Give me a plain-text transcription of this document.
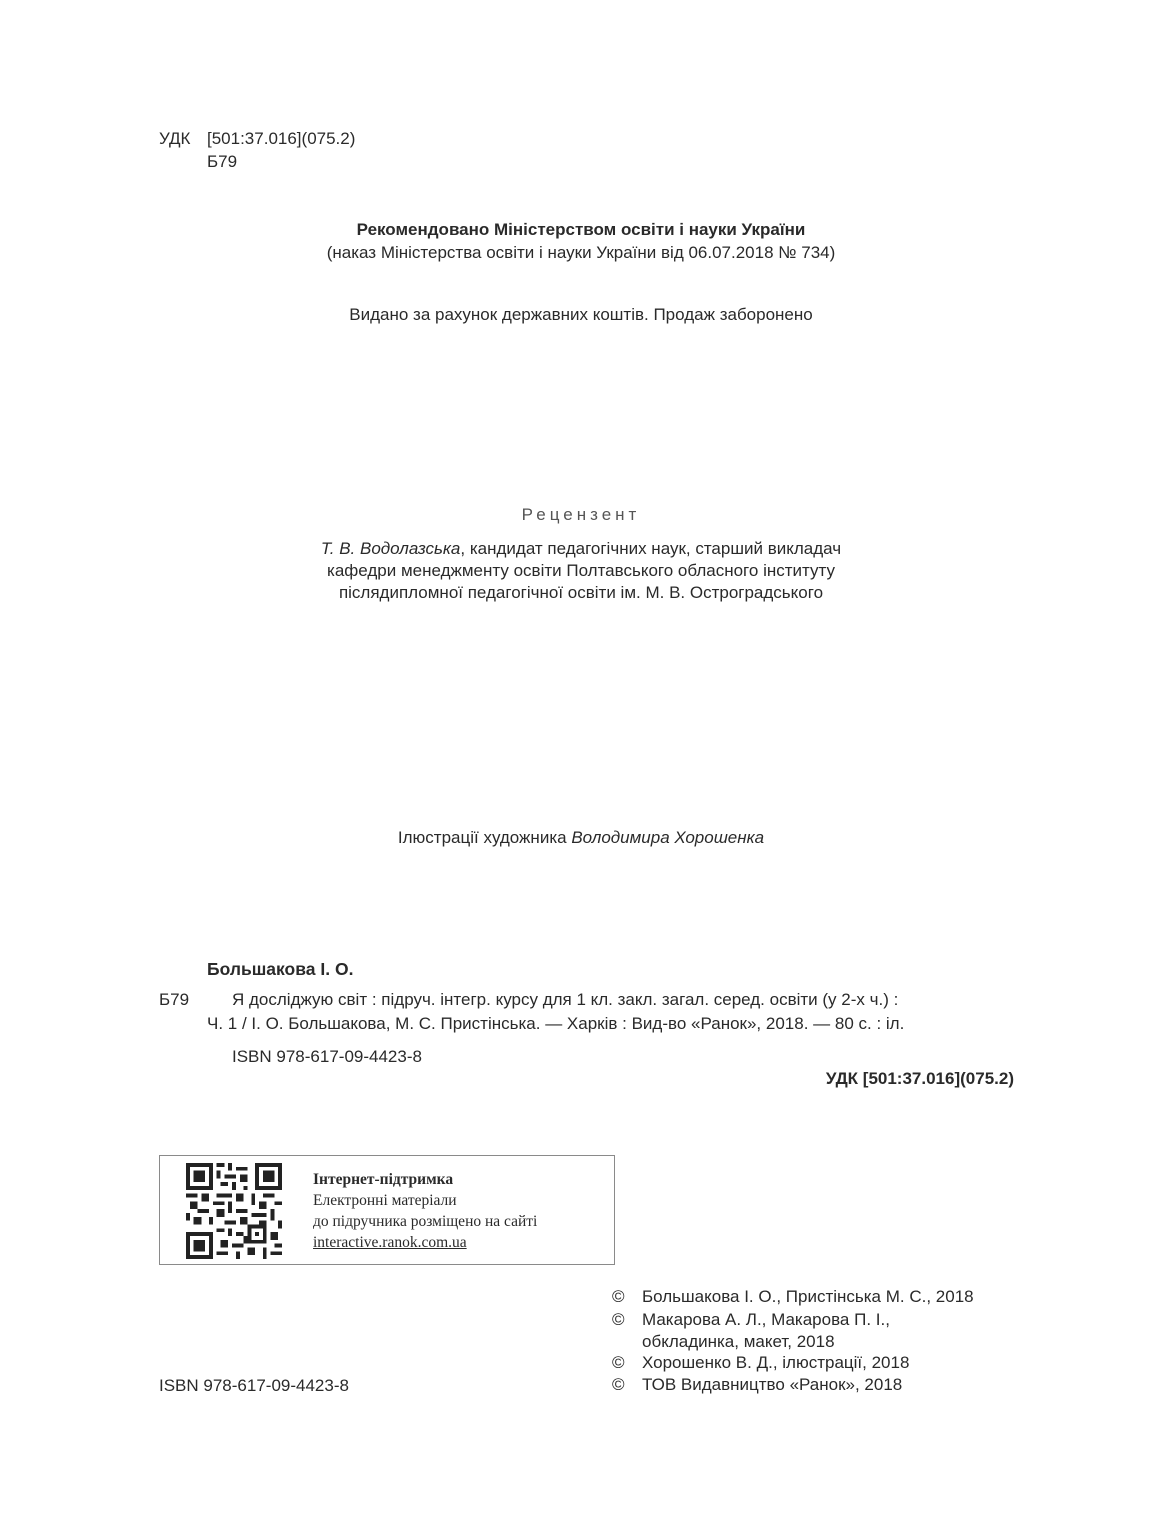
УДК [501:37.016](075.2)
Б79
Рекомендовано Міністерством освіти і науки України
(наказ Міністерства освіти і науки України від 06.07.2018 № 734)
Видано за рахунок державних коштів. Продаж заборонено
Рецензент
Т. В. Водолазська, кандидат педагогічних наук, старший викладач
кафедри менеджменту освіти Полтавського обласного інституту
післядипломної педагогічної освіти ім. М. В. Остроградського
Ілюстрації художника Володимира Хорошенка
Большакова І. О.
Б79	Я досліджую світ : підруч. інтегр. курсу для 1 кл. закл. загал. серед. освіти (у 2-х ч.) :
Ч. 1 / І. О. Большакова, М. С. Пристінська. — Харків : Вид-во «Ранок», 2018. — 80 с. : іл.
ISBN 978-617-09-4423-8
УДК [501:37.016](075.2)
Інтернет-підтримка
Електронні матеріали
до підручника розміщено на сайті
interactive.ranok.com.ua
ISBN 978-617-09-4423-8
© Большакова І. О., Пристінська М. С., 2018
© Макарова А. Л., Макарова П. І.,
обкладинка, макет, 2018
© Хорошенко В. Д., ілюстрації, 2018
© ТОВ Видавництво «Ранок», 2018
